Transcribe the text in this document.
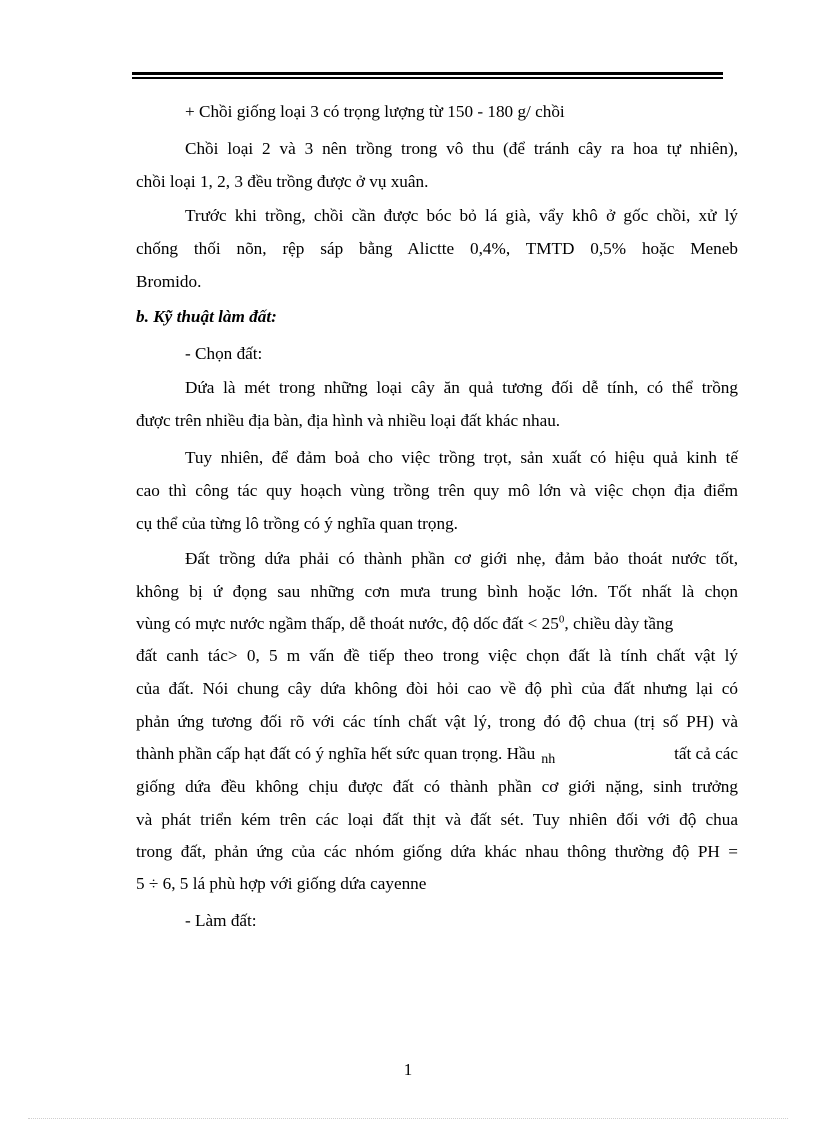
+ Chồi giống loại 3 có trọng lượng từ 150 - 180 g/ chồi
Chồi loại 2 và 3 nên trồng trong vô thu (để tránh cây ra hoa tự nhiên),
chồi loại 1, 2, 3 đều trồng được ở vụ xuân.
Trước khi trồng, chồi cần được bóc bỏ lá già, vẩy khô ở gốc chồi, xử lý
chống thối nõn, rệp sáp bằng Alictte 0,4%, TMTD 0,5% hoặc Meneb
Bromido.
b. Kỹ thuật làm đất:
- Chọn đất:
Dứa là mét trong những loại cây ăn quả tương đối dễ tính, có thể trồng
được trên nhiều địa bàn, địa hình và nhiều loại đất khác nhau.
Tuy nhiên, để đảm boả cho việc trồng trọt, sản xuất có hiệu quả kinh tế
cao thì công tác quy hoạch vùng trồng trên quy mô lớn và việc chọn địa điểm
cụ thể của từng lô trồng có ý nghĩa quan trọng.
Đất trồng dứa phải có thành phần cơ giới nhẹ, đảm bảo thoát nước tốt,
không bị ứ đọng sau những cơn mưa trung bình hoặc lớn. Tốt nhất là chọn
vùng có mực nước ngầm thấp, dễ thoát nước, độ dốc đất < $25^0$, chiều dày tầng
đất canh tác> 0, 5 m vấn đề tiếp theo trong việc chọn đất là tính chất vật lý
của đất. Nói chung cây dứa không đòi hỏi cao về độ phì của đất nhưng lại có
phản ứng tương đối rõ với các tính chất vật lý, trong đó độ chua (trị số PH) và
thành phần cấp hạt đất có ý nghĩa hết sức quan trọng. Hầu nh	tất cả các
giống dứa đều không chịu được đất có thành phần cơ giới nặng, sinh trưởng
và phát triển kém trên các loại đất thịt và đất sét. Tuy nhiên đối với độ chua
trong đất, phản ứng của các nhóm giống dứa khác nhau thông thường độ PH =
5 ÷ 6, 5 lá phù hợp với giống dứa cayenne
- Làm đất:
1
